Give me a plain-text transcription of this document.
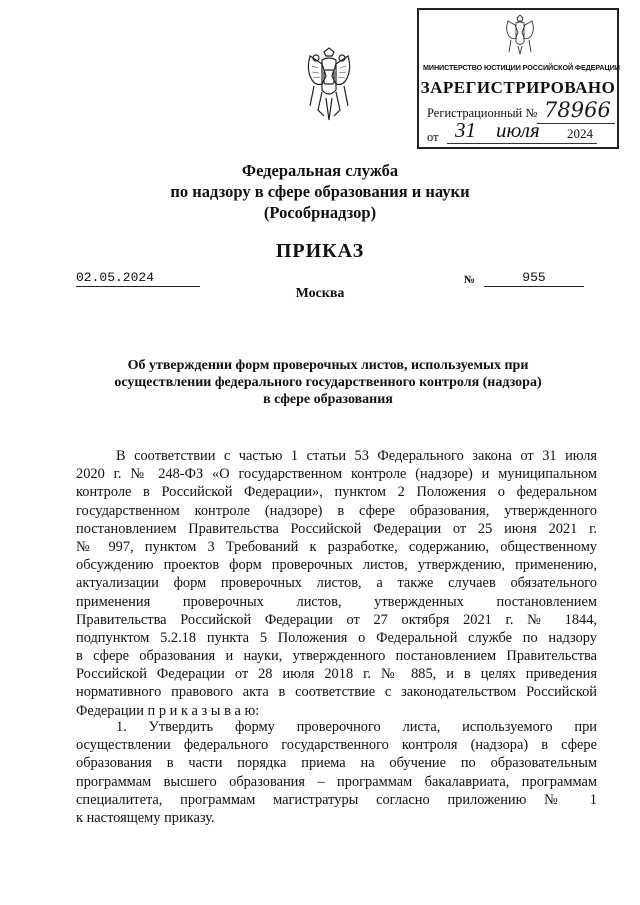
МИНИСТЕРСТВО ЮСТИЦИИ РОССИЙСКОЙ ФЕДЕРАЦИИ
ЗАРЕГИСТРИРОВАНО
Регистрационный № 78966
от 31 июля 2024
Федеральная служба
по надзору в сфере образования и науки
(Рособрнадзор)
ПРИКАЗ
02.05.2024	№	955
Москва
Об утверждении форм проверочных листов, используемых при
осуществлении федерального государственного контроля (надзора)
в сфере образования
В соответствии с частью 1 статьи 53 Федерального закона от 31 июля
2020 г. № 248-ФЗ «О государственном контроле (надзоре) и муниципальном
контроле в Российской Федерации», пунктом 2 Положения о федеральном
государственном контроле (надзоре) в сфере образования, утвержденного
постановлением Правительства Российской Федерации от 25 июня 2021 г.
№ 997, пунктом 3 Требований к разработке, содержанию, общественному
обсуждению проектов форм проверочных листов, утверждению, применению,
актуализации форм проверочных листов, а также случаев обязательного
применения проверочных листов, утвержденных постановлением
Правительства Российской Федерации от 27 октября 2021 г. № 1844,
подпунктом 5.2.18 пункта 5 Положения о Федеральной службе по надзору
в сфере образования и науки, утвержденного постановлением Правительства
Российской Федерации от 28 июля 2018 г. № 885, и в целях приведения
нормативного правового акта в соответствие с законодательством Российской
Федерации п р и к а з ы в а ю:
1. Утвердить форму проверочного листа, используемого при
осуществлении федерального государственного контроля (надзора) в сфере
образования в части порядка приема на обучение по образовательным
программам высшего образования – программам бакалавриата, программам
специалитета, программам магистратуры согласно приложению № 1
к настоящему приказу.
